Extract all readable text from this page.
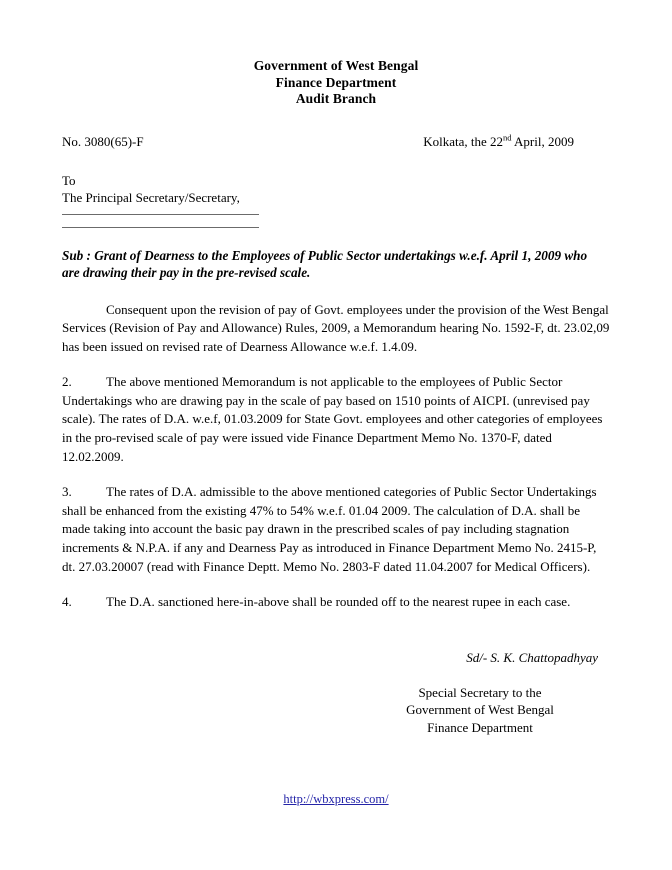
Government of West Bengal
Finance Department
Audit Branch
No. 3080(65)-F	Kolkata, the 22nd April, 2009
To
The Principal Secretary/Secretary,
Sub : Grant of Dearness to the Employees of Public Sector undertakings w.e.f. April 1, 2009 who are drawing their pay in the pre-revised scale.
Consequent upon the revision of pay of Govt. employees under the provision of the West Bengal Services (Revision of Pay and Allowance) Rules, 2009, a Memorandum hearing No. 1592-F, dt. 23.02,09 has been issued on revised rate of Dearness Allowance w.e.f. 1.4.09.
2.	The above mentioned Memorandum is not applicable to the employees of Public Sector Undertakings who are drawing pay in the scale of pay based on 1510 points of AICPI. (unrevised pay scale). The rates of D.A. w.e.f, 01.03.2009 for State Govt. employees and other categories of employees in the pro-revised scale of pay were issued vide Finance Department Memo No. 1370-F, dated 12.02.2009.
3.	The rates of D.A. admissible to the above mentioned categories of Public Sector Undertakings shall be enhanced from the existing 47% to 54% w.e.f. 01.04 2009. The calculation of D.A. shall be made taking into account the basic pay drawn in the prescribed scales of pay including stagnation increments & N.P.A. if any and Dearness Pay as introduced in Finance Department Memo No. 2415-P, dt. 27.03.20007 (read with Finance Deptt. Memo No. 2803-F dated 11.04.2007 for Medical Officers).
4.	The D.A. sanctioned here-in-above shall be rounded off to the nearest rupee in each case.
Sd/- S. K. Chattopadhyay
Special Secretary to the
Government of West Bengal
Finance Department
http://wbxpress.com/
